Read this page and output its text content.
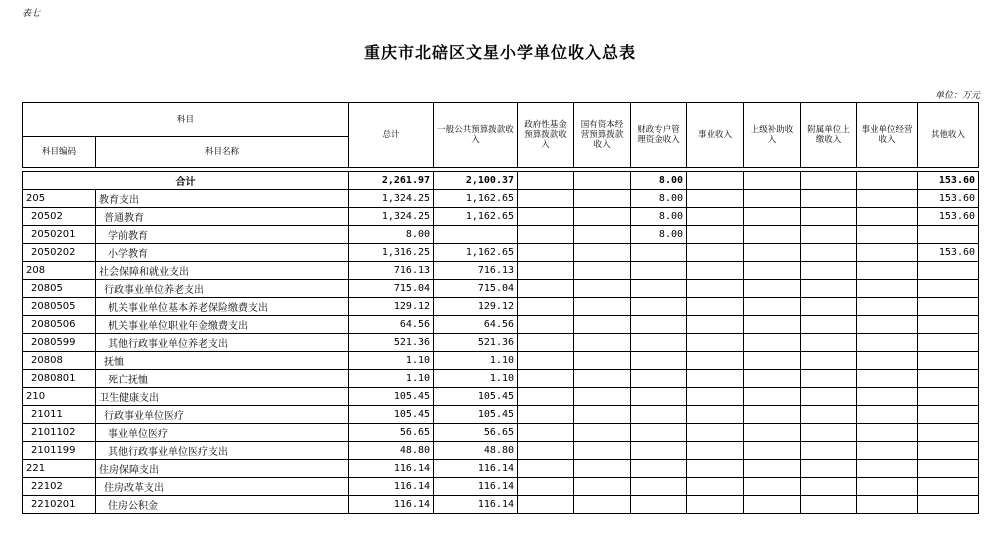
表七
重庆市北碚区文星小学单位收入总表
单位：万元
科目		总计	一般公共预算拨款收入	政府性基金预算拨款收入	国有资本经营预算拨款收入	财政专户管理资金收入	事业收入	上级补助收入	附属单位上缴收入	事业单位经营收入	其他收入
科目编码	科目名称										

合计		2,261.97	2,100.37			8.00					153.60
205	教育支出	1,324.25	1,162.65			8.00					153.60
20502	普通教育	1,324.25	1,162.65			8.00					153.60
2050201	学前教育	8.00				8.00					
2050202	小学教育	1,316.25	1,162.65								153.60
208	社会保障和就业支出	716.13	716.13								
20805	行政事业单位养老支出	715.04	715.04								
2080505	机关事业单位基本养老保险缴费支出	129.12	129.12								
2080506	机关事业单位职业年金缴费支出	64.56	64.56								
2080599	其他行政事业单位养老支出	521.36	521.36								
20808	抚恤	1.10	1.10								
2080801	死亡抚恤	1.10	1.10								
210	卫生健康支出	105.45	105.45								
21011	行政事业单位医疗	105.45	105.45								
2101102	事业单位医疗	56.65	56.65								
2101199	其他行政事业单位医疗支出	48.80	48.80								
221	住房保障支出	116.14	116.14								
22102	住房改革支出	116.14	116.14								
2210201	住房公积金	116.14	116.14								
